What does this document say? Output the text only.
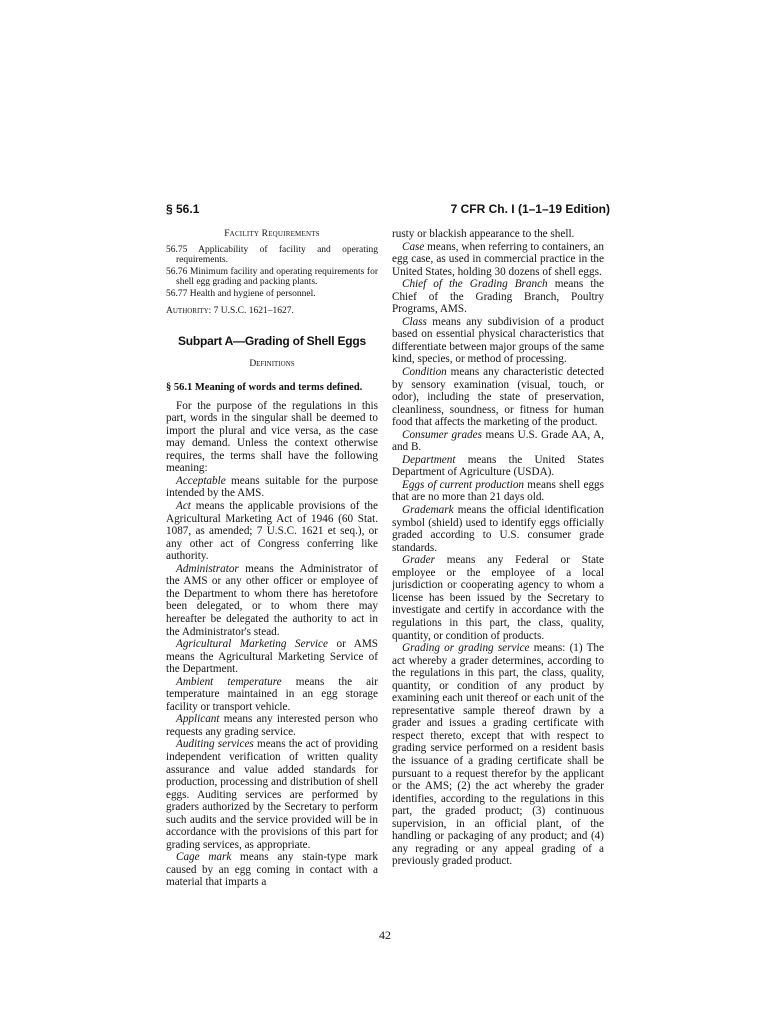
§ 56.1	7 CFR Ch. I (1–1–19 Edition)
Facility Requirements
56.75 Applicability of facility and operating requirements.
56.76 Minimum facility and operating requirements for shell egg grading and packing plants.
56.77 Health and hygiene of personnel.
Authority: 7 U.S.C. 1621–1627.
Subpart A—Grading of Shell Eggs
Definitions
§ 56.1 Meaning of words and terms defined.

For the purpose of the regulations in this part, words in the singular shall be deemed to import the plural and vice versa, as the case may demand. Unless the context otherwise requires, the terms shall have the following meaning:

Acceptable means suitable for the purpose intended by the AMS.

Act means the applicable provisions of the Agricultural Marketing Act of 1946 (60 Stat. 1087, as amended; 7 U.S.C. 1621 et seq.), or any other act of Congress conferring like authority.

Administrator means the Administrator of the AMS or any other officer or employee of the Department to whom there has heretofore been delegated, or to whom there may hereafter be delegated the authority to act in the Administrator's stead.

Agricultural Marketing Service or AMS means the Agricultural Marketing Service of the Department.

Ambient temperature means the air temperature maintained in an egg storage facility or transport vehicle.

Applicant means any interested person who requests any grading service.

Auditing services means the act of providing independent verification of written quality assurance and value added standards for production, processing and distribution of shell eggs. Auditing services are performed by graders authorized by the Secretary to perform such audits and the service provided will be in accordance with the provisions of this part for grading services, as appropriate.

Cage mark means any stain-type mark caused by an egg coming in contact with a material that imparts a

rusty or blackish appearance to the shell.

Case means, when referring to containers, an egg case, as used in commercial practice in the United States, holding 30 dozens of shell eggs.

Chief of the Grading Branch means the Chief of the Grading Branch, Poultry Programs, AMS.

Class means any subdivision of a product based on essential physical characteristics that differentiate between major groups of the same kind, species, or method of processing.

Condition means any characteristic detected by sensory examination (visual, touch, or odor), including the state of preservation, cleanliness, soundness, or fitness for human food that affects the marketing of the product.

Consumer grades means U.S. Grade AA, A, and B.

Department means the United States Department of Agriculture (USDA).

Eggs of current production means shell eggs that are no more than 21 days old.

Grademark means the official identification symbol (shield) used to identify eggs officially graded according to U.S. consumer grade standards.

Grader means any Federal or State employee or the employee of a local jurisdiction or cooperating agency to whom a license has been issued by the Secretary to investigate and certify in accordance with the regulations in this part, the class, quality, quantity, or condition of products.

Grading or grading service means: (1) The act whereby a grader determines, according to the regulations in this part, the class, quality, quantity, or condition of any product by examining each unit thereof or each unit of the representative sample thereof drawn by a grader and issues a grading certificate with respect thereto, except that with respect to grading service performed on a resident basis the issuance of a grading certificate shall be pursuant to a request therefor by the applicant or the AMS; (2) the act whereby the grader identifies, according to the regulations in this part, the graded product; (3) continuous supervision, in an official plant, of the handling or packaging of any product; and (4) any regrading or any appeal grading of a previously graded product.

42
